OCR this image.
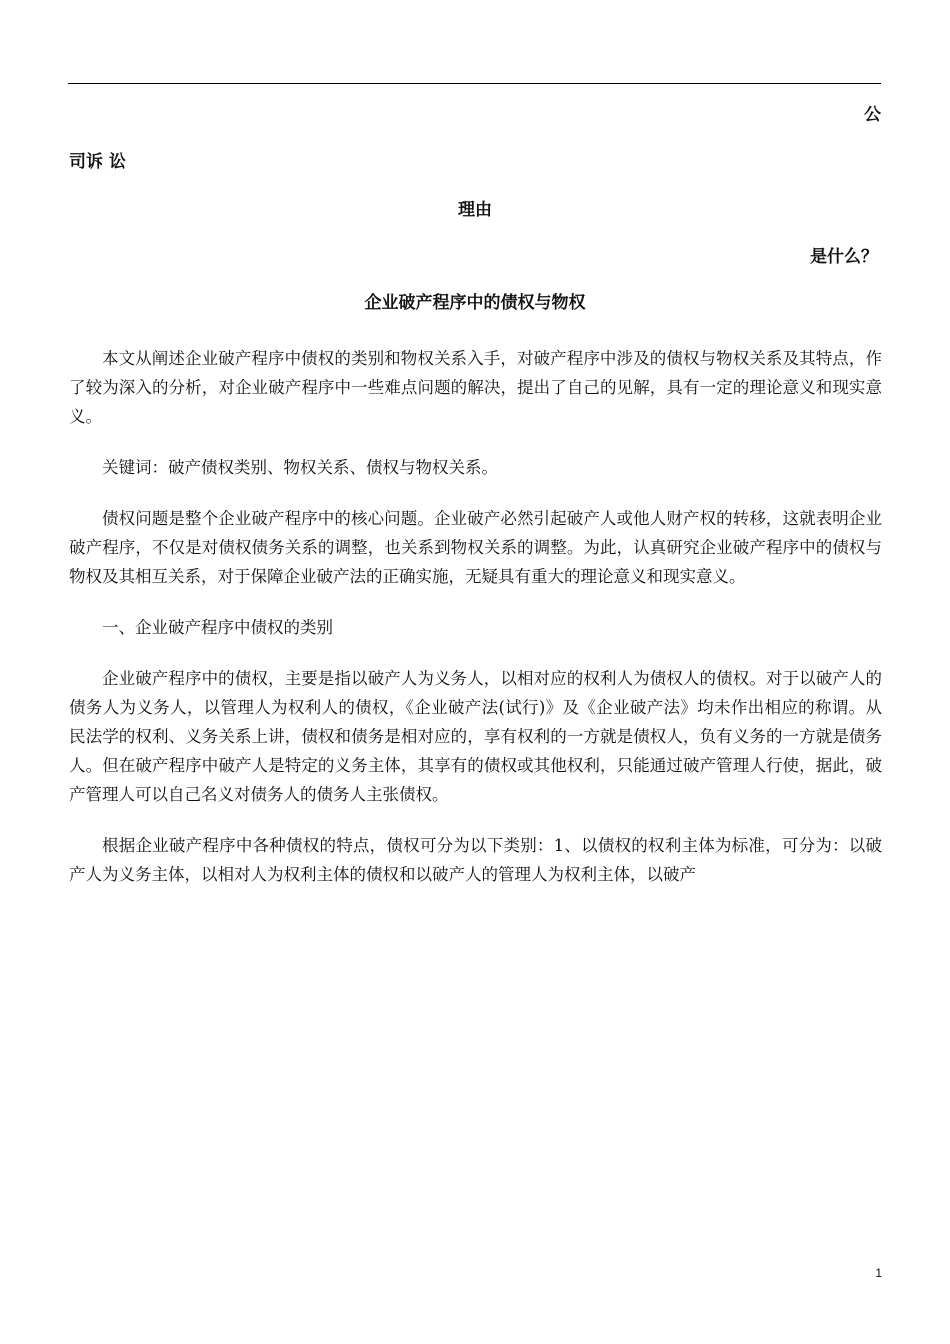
公
司诉 讼
理由
是什么？
企业破产程序中的债权与物权

本文从阐述企业破产程序中债权的类别和物权关系入手，对破产程序中涉及的债权与物权关系及其特点，作了较为深入的分析，对企业破产程序中一些难点问题的解决，提出了自己的见解，具有一定的理论意义和现实意义。

关键词：破产债权类别、物权关系、债权与物权关系。

债权问题是整个企业破产程序中的核心问题。企业破产必然引起破产人或他人财产权的转移，这就表明企业破产程序，不仅是对债权债务关系的调整，也关系到物权关系的调整。为此，认真研究企业破产程序中的债权与物权及其相互关系，对于保障企业破产法的正确实施，无疑具有重大的理论意义和现实意义。

一、企业破产程序中债权的类别

企业破产程序中的债权，主要是指以破产人为义务人，以相对应的权利人为债权人的债权。对于以破产人的债务人为义务人，以管理人为权利人的债权，《企业破产法(试行)》及《企业破产法》均未作出相应的称谓。从民法学的权利、义务关系上讲，债权和债务是相对应的，享有权利的一方就是债权人，负有义务的一方就是债务人。但在破产程序中破产人是特定的义务主体，其享有的债权或其他权利，只能通过破产管理人行使，据此，破产管理人可以自己名义对债务人的债务人主张债权。

根据企业破产程序中各种债权的特点，债权可分为以下类别：1、以债权的权利主体为标准，可分为：以破产人为义务主体，以相对人为权利主体的债权和以破产人的管理人为权利主体，以破产

1
